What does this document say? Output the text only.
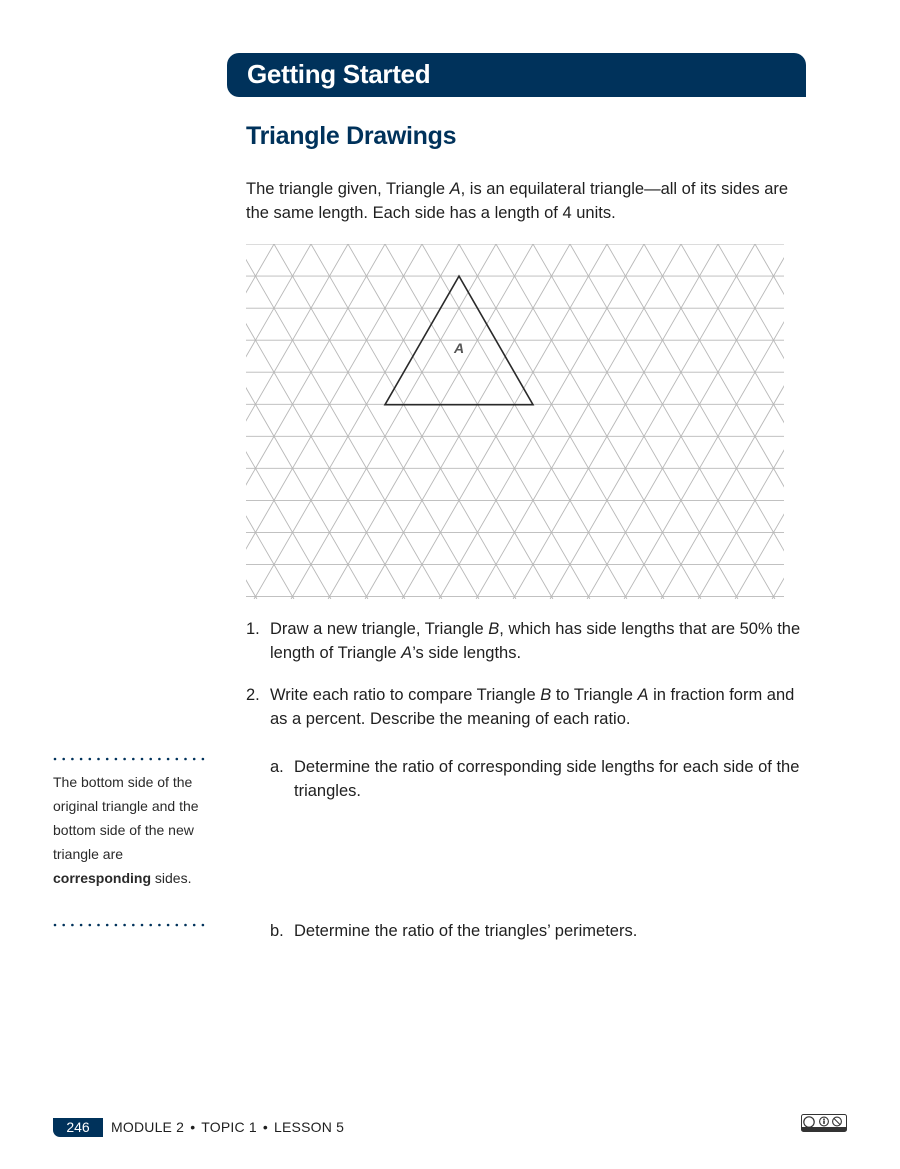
Getting Started
Triangle Drawings
The triangle given, Triangle A, is an equilateral triangle—all of its sides are the same length. Each side has a length of 4 units.
A
1. Draw a new triangle, Triangle B, which has side lengths that are 50% the length of Triangle A’s side lengths.
2. Write each ratio to compare Triangle B to Triangle A in fraction form and as a percent. Describe the meaning of each ratio.
a. Determine the ratio of corresponding side lengths for each side of the triangles.
b. Determine the ratio of the triangles’ perimeters.
The bottom side of the original triangle and the bottom side of the new triangle are corresponding sides.
246	MODULE 2 • TOPIC 1 • LESSON 5
